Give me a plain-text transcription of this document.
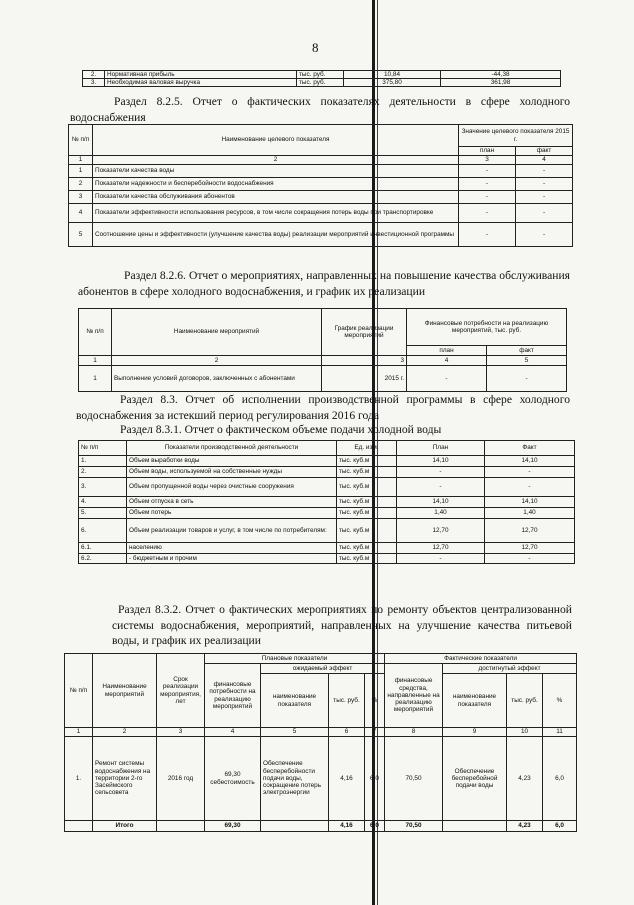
8
2.	Нормативная прибыль	тыс. руб.	10,84	-44,38
3.	Необходимая валовая выручка	тыс. руб.	375,80	361,98
Раздел 8.2.5. Отчет о фактических показателях деятельности в сфере холодного водоснабжения
№ п/п	Наименование целевого показателя	Значение целевого показателя 2015 г.	
		план	факт
1	2	3	4
1	Показатели качества воды	-	-
2	Показатели надежности и бесперебойности водоснабжения	-	-
3	Показатели качества обслуживания абонентов	-	-
4	Показатели эффективности использования ресурсов, в том числе сокращения потерь воды при транспортировке	-	-
5	Соотношение цены и эффективности (улучшение качества воды) реализации мероприятий инвестиционной программы	-	-
Раздел 8.2.6. Отчет о мероприятиях, направленных на повышение качества обслуживания абонентов в сфере холодного водоснабжения, и график их реализации
№ п/п	Наименование мероприятий	График реализации мероприятий	Финансовые потребности на реализацию мероприятий, тыс. руб.	
			план	факт
1	2	3	4	5
1	Выполнение условий договоров, заключенных с абонентами	2015 г.	-	-
Раздел 8.3. Отчет об исполнении производственной программы в сфере холодного водоснабжения за истекший период регулирования 2016 года
Раздел 8.3.1. Отчет о фактическом объеме подачи холодной воды
№ п/п	Показатели производственной деятельности	Ед. изм.	План	Факт
1.	Объем выработки воды	тыс. куб.м	14,10	14,10
2.	Объем воды, используемой на собственные нужды	тыс. куб.м	-	-
3.	Объем пропущенной воды через очистные сооружения	тыс. куб.м	-	-
4.	Объем отпуска в сеть	тыс. куб.м	14,10	14,10
5.	Объем потерь	тыс. куб.м	1,40	1,40
6.	Объем реализации товаров и услуг, в том числе по потребителям:	тыс. куб.м	12,70	12,70
6.1.	населению	тыс. куб.м	12,70	12,70
6.2.	- бюджетным и прочим	тыс. куб.м	-	-
Раздел 8.3.2. Отчет о фактических мероприятиях по ремонту объектов централизованной системы водоснабжения, мероприятий, направленных на улучшение качества питьевой воды, и график их реализации
№ п/п	Наименование мероприятий	Срок реализации мероприятия, лет	Плановые показатели				Фактические показатели			
			финансовые потребности на реализацию мероприятий	ожидаемый эффект			финансовые средства, направленные на реализацию мероприятий	достигнутый эффект		
				наименование показателя	тыс. руб.	%		наименование показателя	тыс. руб.	%
1	2	3	4	5	6	7	8	9	10	11
1.	Ремонт системы водоснабжения на территории 2-го Засеймского сельсовета	2016 год	69,30 себестоимость	Обеспечение бесперебойности подачи воды, сокращение потерь электроэнергии	4,16	6,0	70,50	Обеспечение бесперебойной подачи воды	4,23	6,0
	Итого		69,30		4,16	6,0	70,50		4,23	6,0
